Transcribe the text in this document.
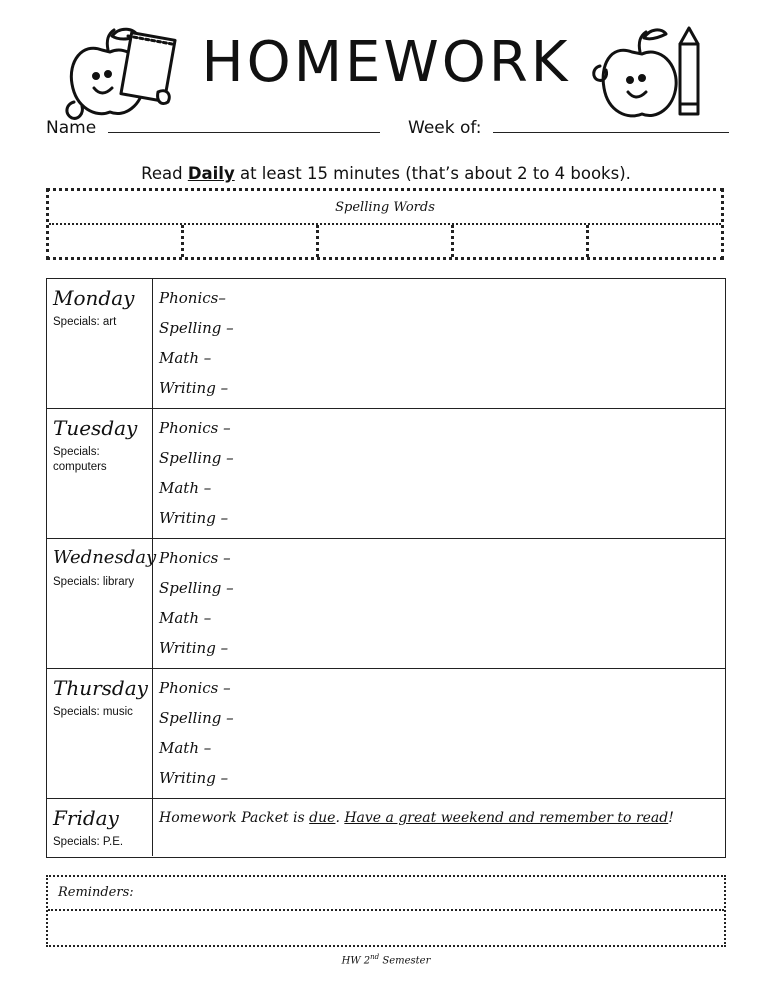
HOMEWORK
Name	Week of:
Read Daily at least 15 minutes (that’s about 2 to 4 books).
Spelling Words
Monday
Specials: art
Phonics–
Spelling –
Math –
Writing –
Tuesday
Specials: computers
Phonics –
Spelling –
Math –
Writing –
Wednesday
Specials: library
Phonics –
Spelling –
Math –
Writing –
Thursday
Specials: music
Phonics –
Spelling –
Math –
Writing –
Friday
Specials: P.E.
Homework Packet is due. Have a great weekend and remember to read!
Reminders:
HW 2nd Semester
